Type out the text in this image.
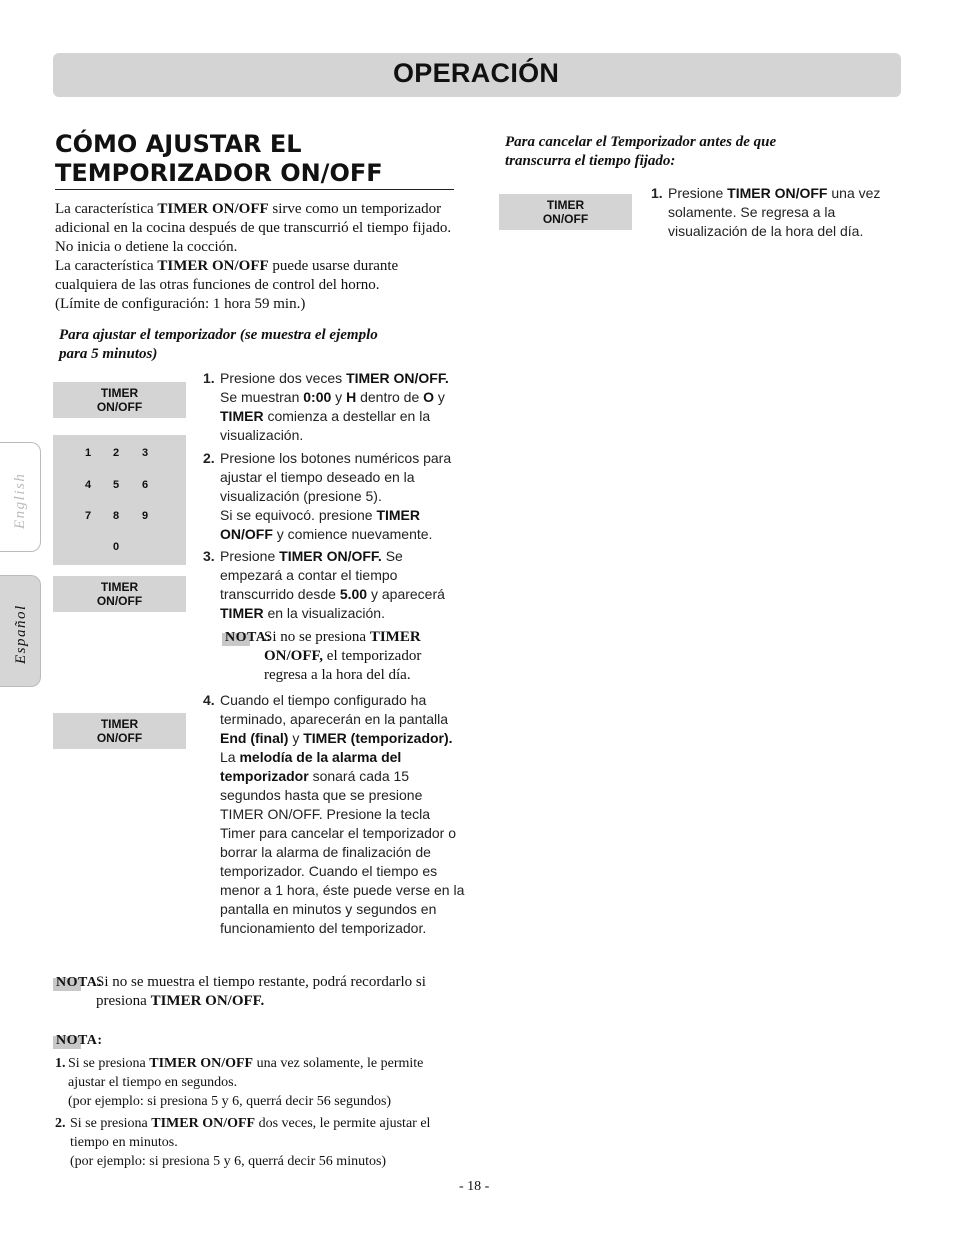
OPERACIÓN
CÓMO AJUSTAR EL
TEMPORIZADOR ON/OFF
La característica TIMER ON/OFF sirve como un temporizador adicional en la cocina después de que transcurrió el tiempo fijado. No inicia o detiene la cocción.
La característica TIMER ON/OFF puede usarse durante cualquiera de las otras funciones de control del horno.
(Límite de configuración: 1 hora 59 min.)
Para ajustar el temporizador (se muestra el ejemplo
para 5 minutos)
Para cancelar el Temporizador antes de que
transcurra el tiempo fijado:
TIMER
ON/OFF
1 2 3
4 5 6
7 8 9
0
TIMER
ON/OFF
TIMER
ON/OFF
TIMER
ON/OFF
1. Presione dos veces TIMER ON/OFF. Se muestran 0:00 y H dentro de O y TIMER comienza a destellar en la visualización.
2. Presione los botones numéricos para ajustar el tiempo deseado en la visualización (presione 5).
Si se equivocó. presione TIMER ON/OFF y comience nuevamente.
3. Presione TIMER ON/OFF. Se empezará a contar el tiempo transcurrido desde 5.00 y aparecerá TIMER en la visualización.
NOTA:
Si no se presiona TIMER ON/OFF, el temporizador regresa a la hora del día.
4. Cuando el tiempo configurado ha terminado, aparecerán en la pantalla End (final) y TIMER (temporizador). La melodía de la alarma del temporizador sonará cada 15 segundos hasta que se presione TIMER ON/OFF. Presione la tecla Timer para cancelar el temporizador o borrar la alarma de finalización de temporizador. Cuando el tiempo es menor a 1 hora, éste puede verse en la pantalla en minutos y segundos en funcionamiento del temporizador.
1. Presione TIMER ON/OFF una vez solamente. Se regresa a la visualización de la hora del día.
NOTA:
Si no se muestra el tiempo restante, podrá recordarlo si presiona TIMER ON/OFF.
NOTA:
1. Si se presiona TIMER ON/OFF una vez solamente, le permite ajustar el tiempo en segundos.
(por ejemplo: si presiona 5 y 6, querrá decir 56 segundos)
2. Si se presiona TIMER ON/OFF dos veces, le permite ajustar el tiempo en minutos.
(por ejemplo: si presiona 5 y 6, querrá decir 56 minutos)
English
Español
- 18 -
